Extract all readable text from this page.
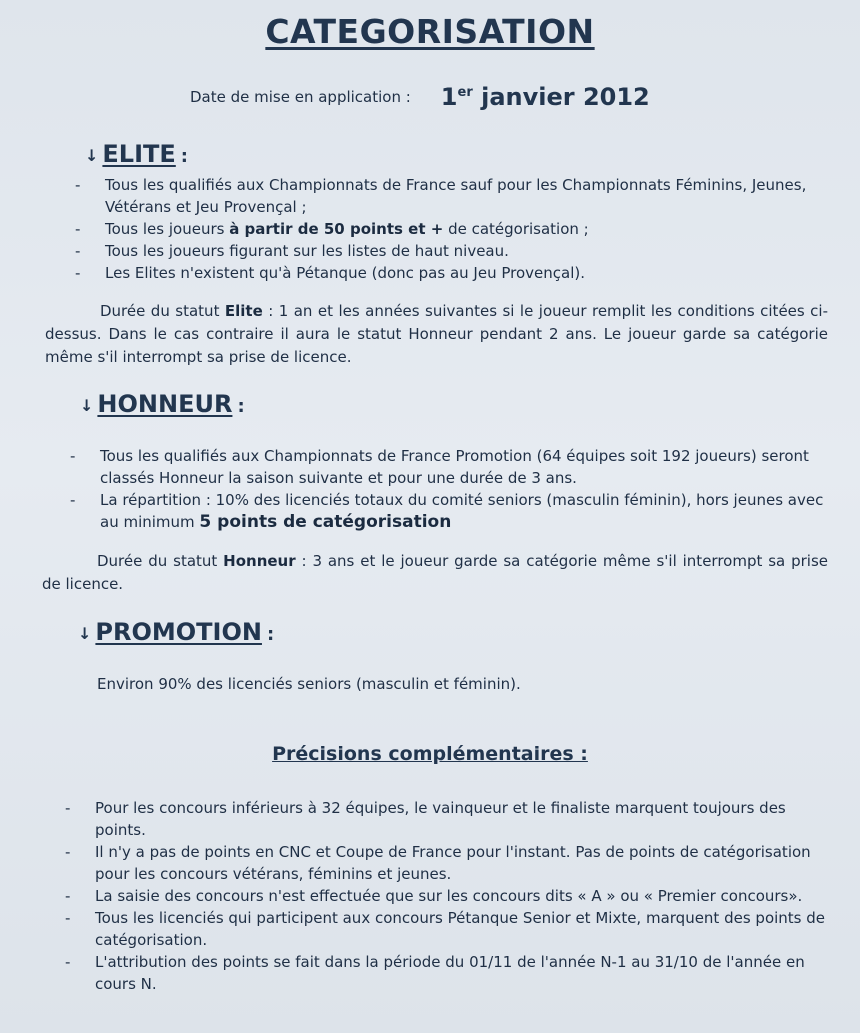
CATEGORISATION
Date de mise en application : 1er janvier 2012
↓ ELITE :
- Tous les qualifiés aux Championnats de France sauf pour les Championnats Féminins, Jeunes, Vétérans et Jeu Provençal ;
- Tous les joueurs à partir de 50 points et + de catégorisation ;
- Tous les joueurs figurant sur les listes de haut niveau.
- Les Elites n'existent qu'à Pétanque (donc pas au Jeu Provençal).
Durée du statut Elite : 1 an et les années suivantes si le joueur remplit les conditions citées ci-dessus. Dans le cas contraire il aura le statut Honneur pendant 2 ans. Le joueur garde sa catégorie même s'il interrompt sa prise de licence.
↓ HONNEUR :
- Tous les qualifiés aux Championnats de France Promotion (64 équipes soit 192 joueurs) seront classés Honneur la saison suivante et pour une durée de 3 ans.
- La répartition : 10% des licenciés totaux du comité seniors (masculin féminin), hors jeunes avec au minimum 5 points de catégorisation
Durée du statut Honneur : 3 ans et le joueur garde sa catégorie même s'il interrompt sa prise de licence.
↓ PROMOTION :
Environ 90% des licenciés seniors (masculin et féminin).
Précisions complémentaires :
- Pour les concours inférieurs à 32 équipes, le vainqueur et le finaliste marquent toujours des points.
- Il n'y a pas de points en CNC et Coupe de France pour l'instant. Pas de points de catégorisation pour les concours vétérans, féminins et jeunes.
- La saisie des concours n'est effectuée que sur les concours dits « A » ou « Premier concours».
- Tous les licenciés qui participent aux concours Pétanque Senior et Mixte, marquent des points de catégorisation.
- L'attribution des points se fait dans la période du 01/11 de l'année N-1 au 31/10 de l'année en cours N.
